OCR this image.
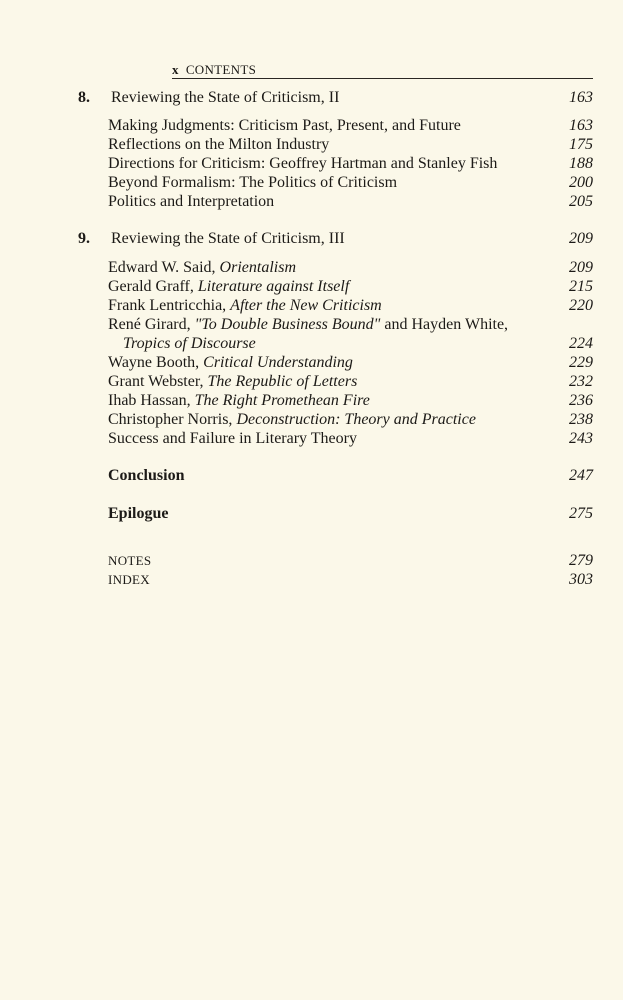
x CONTENTS
8. Reviewing the State of Criticism, II	163
Making Judgments: Criticism Past, Present, and Future	163
Reflections on the Milton Industry	175
Directions for Criticism: Geoffrey Hartman and Stanley Fish	188
Beyond Formalism: The Politics of Criticism	200
Politics and Interpretation	205
9. Reviewing the State of Criticism, III	209
Edward W. Said, Orientalism	209
Gerald Graff, Literature against Itself	215
Frank Lentricchia, After the New Criticism	220
René Girard, "To Double Business Bound" and Hayden White,
Tropics of Discourse	224
Wayne Booth, Critical Understanding	229
Grant Webster, The Republic of Letters	232
Ihab Hassan, The Right Promethean Fire	236
Christopher Norris, Deconstruction: Theory and Practice	238
Success and Failure in Literary Theory	243
Conclusion	247
Epilogue	275
NOTES	279
INDEX	303
